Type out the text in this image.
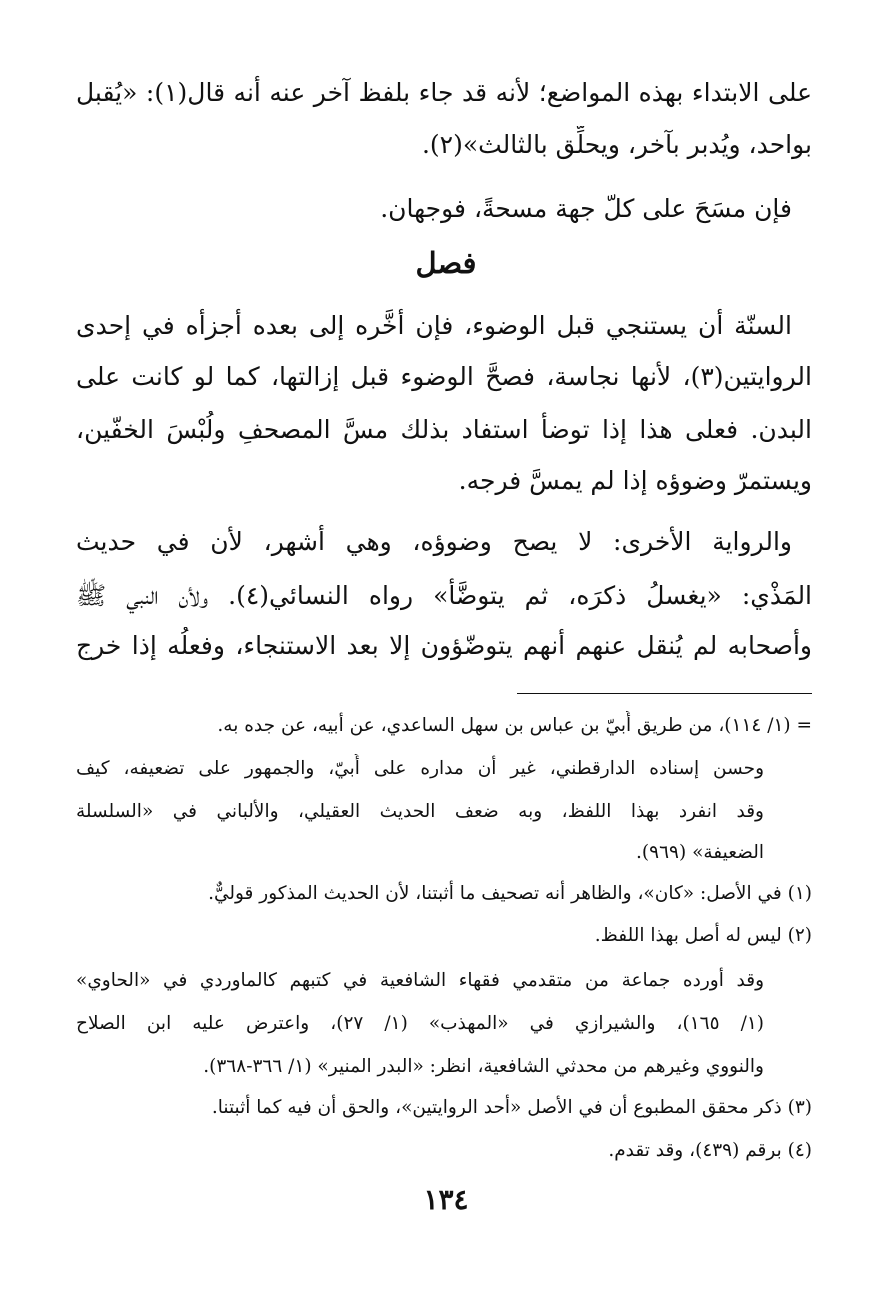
على الابتداء بهذه المواضع؛ لأنه قد جاء بلفظ آخر عنه أنه قال(١): «يُقبل
بواحد، ويُدبر بآخر، ويحلِّق بالثالث»(٢).
فإن مسَحَ على كلّ جهة مسحةً، فوجهان.
فصل
السنّة أن يستنجي قبل الوضوء، فإن أخَّره إلى بعده أجزأه في إحدى
الروايتين(٣)، لأنها نجاسة، فصحَّ الوضوء قبل إزالتها، كما لو كانت على
البدن. فعلى هذا إذا توضأ استفاد بذلك مسَّ المصحفِ ولُبْسَ الخفّين،
ويستمرّ وضوؤه إذا لم يمسَّ فرجه.
والرواية الأخرى: لا يصح وضوؤه، وهي أشهر، لأن في حديث
المَذْي: «يغسلُ ذكرَه، ثم يتوضَّأ» رواه النسائي(٤). ولأن النبي ﷺ
وأصحابه لم يُنقل عنهم أنهم يتوضّؤون إلا بعد الاستنجاء، وفعلُه إذا خرج
= (١/ ١١٤)، من طريق أُبيّ بن عباس بن سهل الساعدي، عن أبيه، عن جده به.
وحسن إسناده الدارقطني، غير أن مداره على أُبيّ، والجمهور على تضعيفه، كيف
وقد انفرد بهذا اللفظ، وبه ضعف الحديث العقيلي، والألباني في «السلسلة
الضعيفة» (٩٦٩).
(١) في الأصل: «كان»، والظاهر أنه تصحيف ما أثبتنا، لأن الحديث المذكور قوليٌّ.
(٢) ليس له أصل بهذا اللفظ.
وقد أورده جماعة من متقدمي فقهاء الشافعية في كتبهم كالماوردي في «الحاوي»
(١/ ١٦٥)، والشيرازي في «المهذب» (١/ ٢٧)، واعترض عليه ابن الصلاح
والنووي وغيرهم من محدثي الشافعية، انظر: «البدر المنير» (١/ ٣٦٦-٣٦٨).
(٣) ذكر محقق المطبوع أن في الأصل «أحد الروايتين»، والحق أن فيه كما أثبتنا.
(٤) برقم (٤٣٩)، وقد تقدم.
١٣٤
